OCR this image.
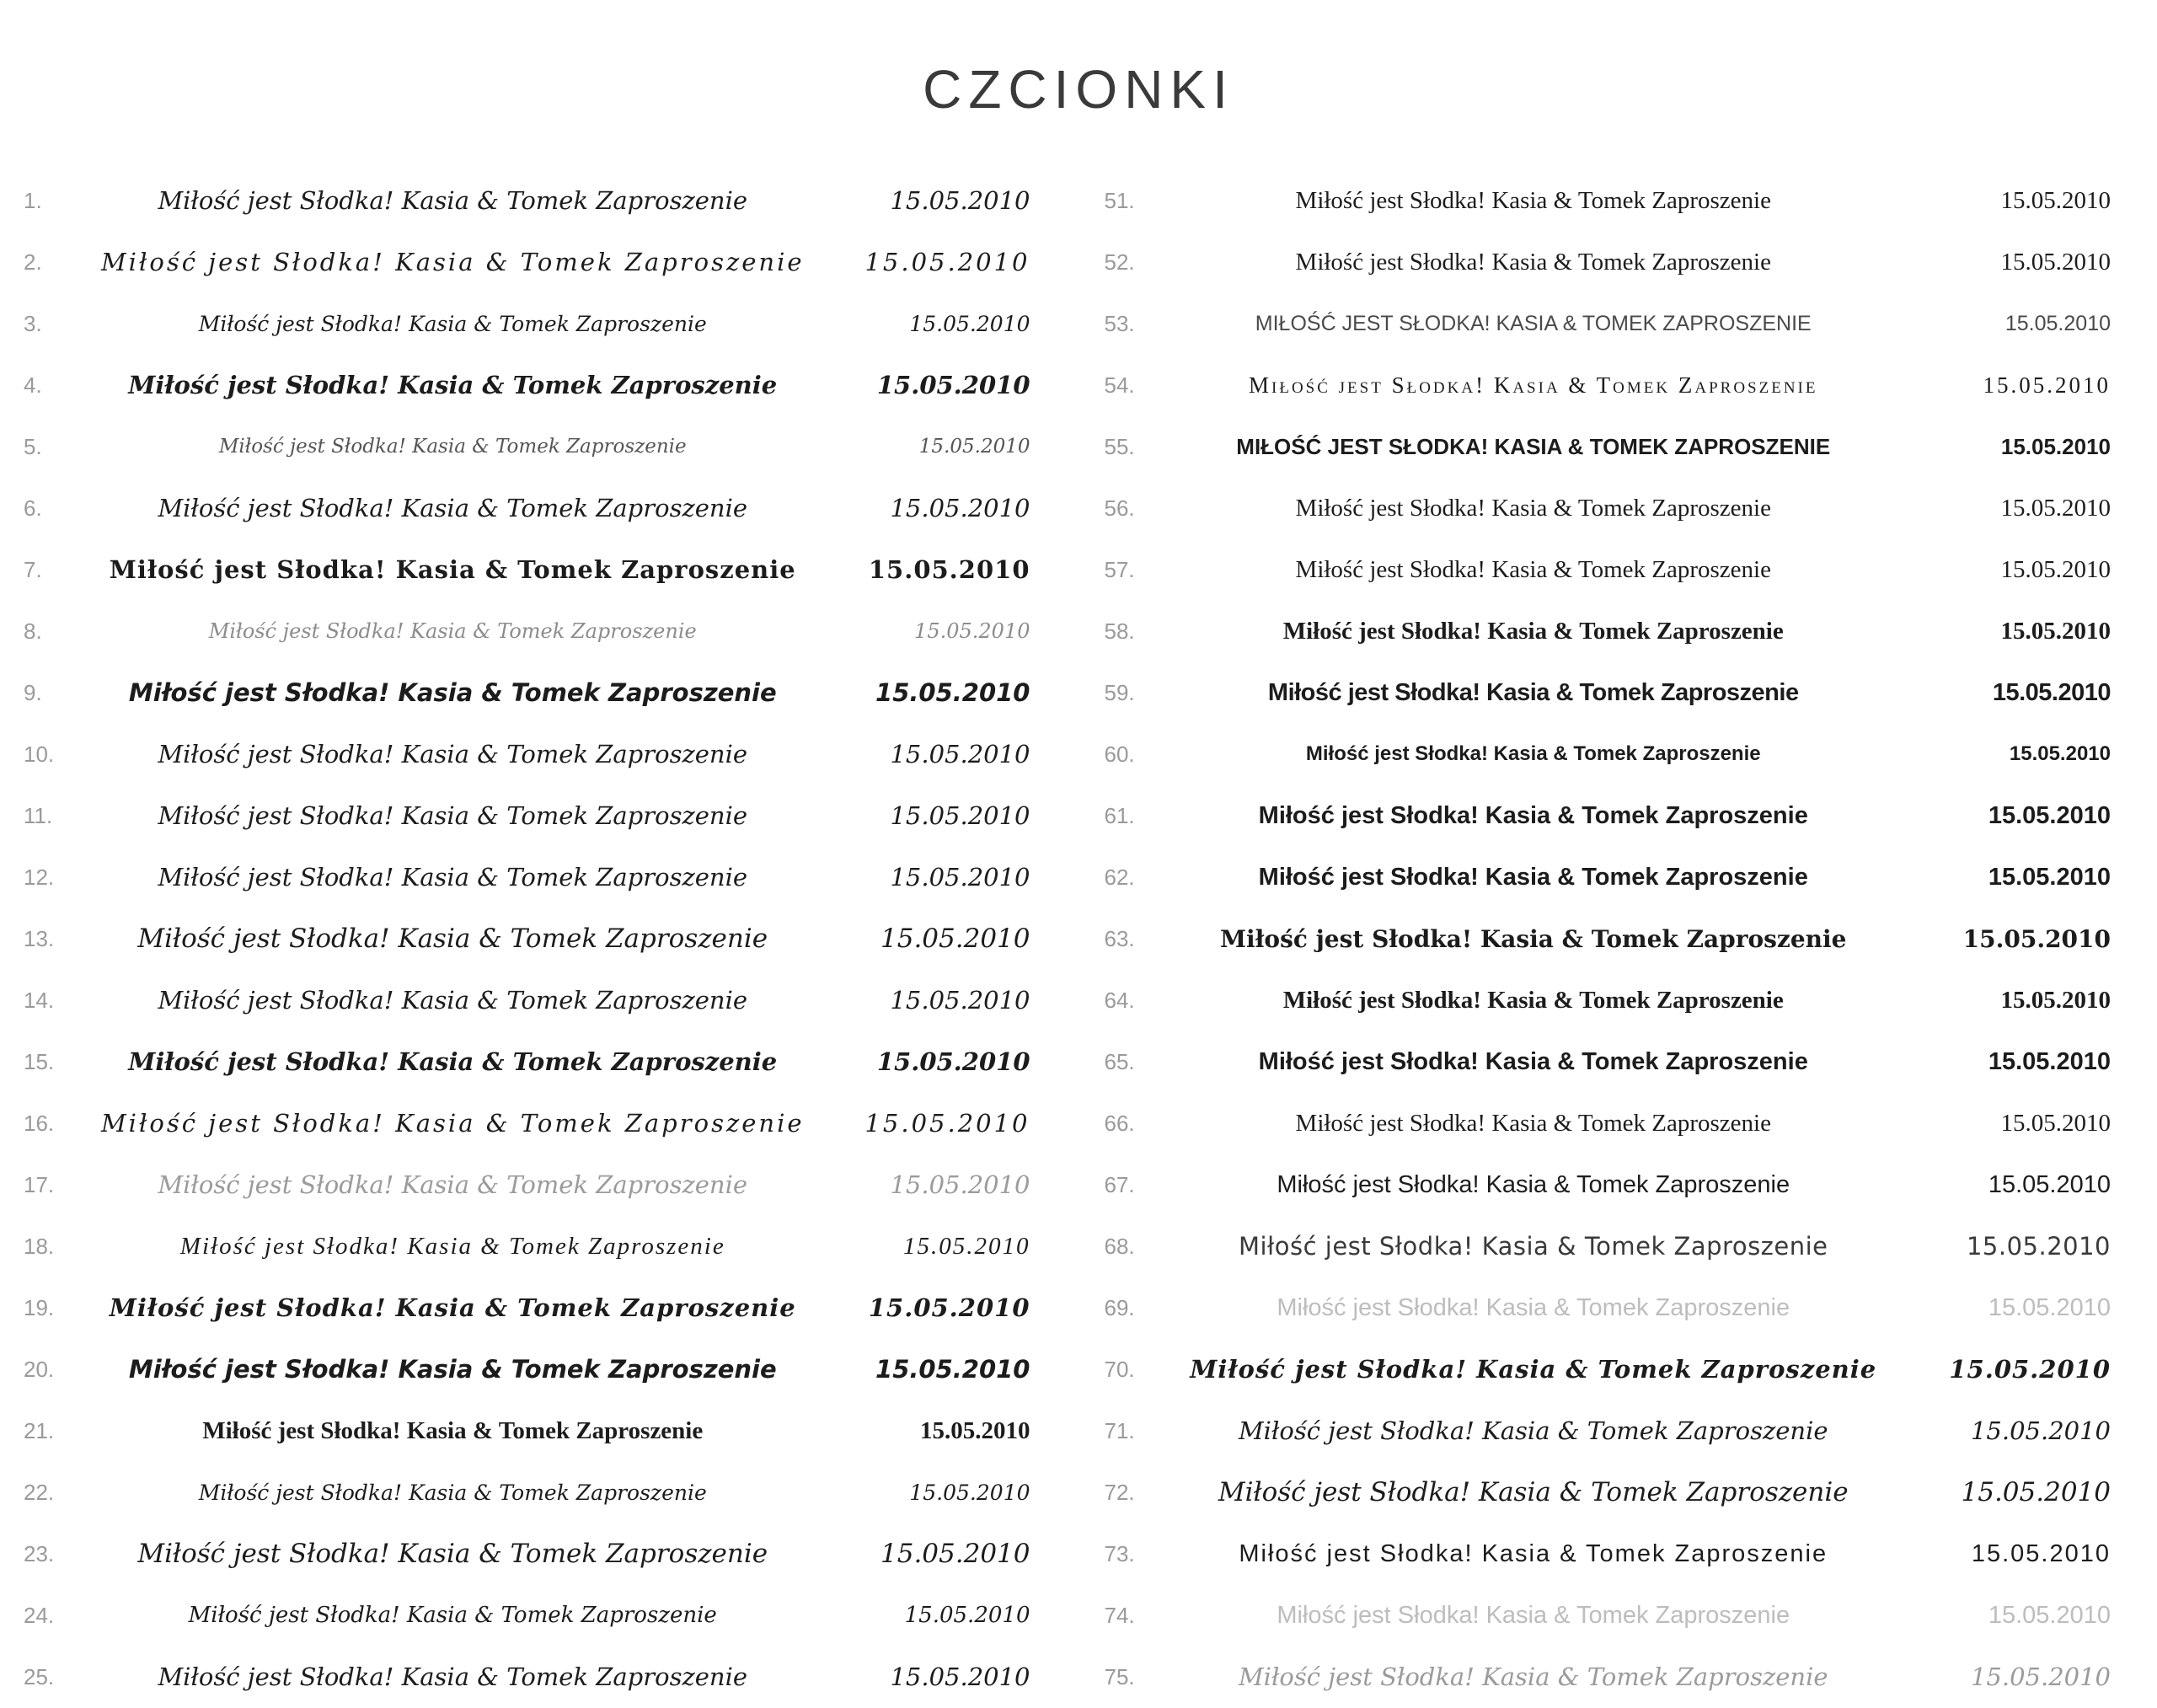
CZCIONKI
1.	Miłość jest Słodka! Kasia & Tomek Zaproszenie	15.05.2010
2.	Miłość jest Słodka! Kasia & Tomek Zaproszenie	15.05.2010
3.	Miłość jest Słodka! Kasia & Tomek Zaproszenie	15.05.2010
4.	Miłość jest Słodka! Kasia & Tomek Zaproszenie	15.05.2010
5.	Miłość jest Słodka! Kasia & Tomek Zaproszenie	15.05.2010
6.	Miłość jest Słodka! Kasia & Tomek Zaproszenie	15.05.2010
7.	Miłość jest Słodka! Kasia & Tomek Zaproszenie	15.05.2010
8.	Miłość jest Słodka! Kasia & Tomek Zaproszenie	15.05.2010
9.	Miłość jest Słodka! Kasia & Tomek Zaproszenie	15.05.2010
10.	Miłość jest Słodka! Kasia & Tomek Zaproszenie	15.05.2010
11.	Miłość jest Słodka! Kasia & Tomek Zaproszenie	15.05.2010
12.	Miłość jest Słodka! Kasia & Tomek Zaproszenie	15.05.2010
13.	Miłość jest Słodka! Kasia & Tomek Zaproszenie	15.05.2010
14.	Miłość jest Słodka! Kasia & Tomek Zaproszenie	15.05.2010
15.	Miłość jest Słodka! Kasia & Tomek Zaproszenie	15.05.2010
16.	Miłość jest Słodka! Kasia & Tomek Zaproszenie	15.05.2010
17.	Miłość jest Słodka! Kasia & Tomek Zaproszenie	15.05.2010
18.	Miłość jest Słodka! Kasia & Tomek Zaproszenie	15.05.2010
19.	Miłość jest Słodka! Kasia & Tomek Zaproszenie	15.05.2010
20.	Miłość jest Słodka! Kasia & Tomek Zaproszenie	15.05.2010
21.	Miłość jest Słodka! Kasia & Tomek Zaproszenie	15.05.2010
22.	Miłość jest Słodka! Kasia & Tomek Zaproszenie	15.05.2010
23.	Miłość jest Słodka! Kasia & Tomek Zaproszenie	15.05.2010
24.	Miłość jest Słodka! Kasia & Tomek Zaproszenie	15.05.2010
25.	Miłość jest Słodka! Kasia & Tomek Zaproszenie	15.05.2010
51.	Miłość jest Słodka! Kasia & Tomek Zaproszenie	15.05.2010
52.	Miłość jest Słodka! Kasia & Tomek Zaproszenie	15.05.2010
53.	MIŁOŚĆ JEST SŁODKA! KASIA & TOMEK ZAPROSZENIE	15.05.2010
54.	Miłość jest Słodka! Kasia & Tomek Zaproszenie	15.05.2010
55.	MIŁOŚĆ JEST SŁODKA! KASIA & TOMEK ZAPROSZENIE	15.05.2010
56.	Miłość jest Słodka! Kasia & Tomek Zaproszenie	15.05.2010
57.	Miłość jest Słodka! Kasia & Tomek Zaproszenie	15.05.2010
58.	Miłość jest Słodka! Kasia & Tomek Zaproszenie	15.05.2010
59.	Miłość jest Słodka! Kasia & Tomek Zaproszenie	15.05.2010
60.	Miłość jest Słodka! Kasia & Tomek Zaproszenie	15.05.2010
61.	Miłość jest Słodka! Kasia & Tomek Zaproszenie	15.05.2010
62.	Miłość jest Słodka! Kasia & Tomek Zaproszenie	15.05.2010
63.	Miłość jest Słodka! Kasia & Tomek Zaproszenie	15.05.2010
64.	Miłość jest Słodka! Kasia & Tomek Zaproszenie	15.05.2010
65.	Miłość jest Słodka! Kasia & Tomek Zaproszenie	15.05.2010
66.	Miłość jest Słodka! Kasia & Tomek Zaproszenie	15.05.2010
67.	Miłość jest Słodka! Kasia & Tomek Zaproszenie	15.05.2010
68.	Miłość jest Słodka! Kasia & Tomek Zaproszenie	15.05.2010
69.	Miłość jest Słodka! Kasia & Tomek Zaproszenie	15.05.2010
70.	Miłość jest Słodka! Kasia & Tomek Zaproszenie	15.05.2010
71.	Miłość jest Słodka! Kasia & Tomek Zaproszenie	15.05.2010
72.	Miłość jest Słodka! Kasia & Tomek Zaproszenie	15.05.2010
73.	Miłość jest Słodka! Kasia & Tomek Zaproszenie	15.05.2010
74.	Miłość jest Słodka! Kasia & Tomek Zaproszenie	15.05.2010
75.	Miłość jest Słodka! Kasia & Tomek Zaproszenie	15.05.2010
